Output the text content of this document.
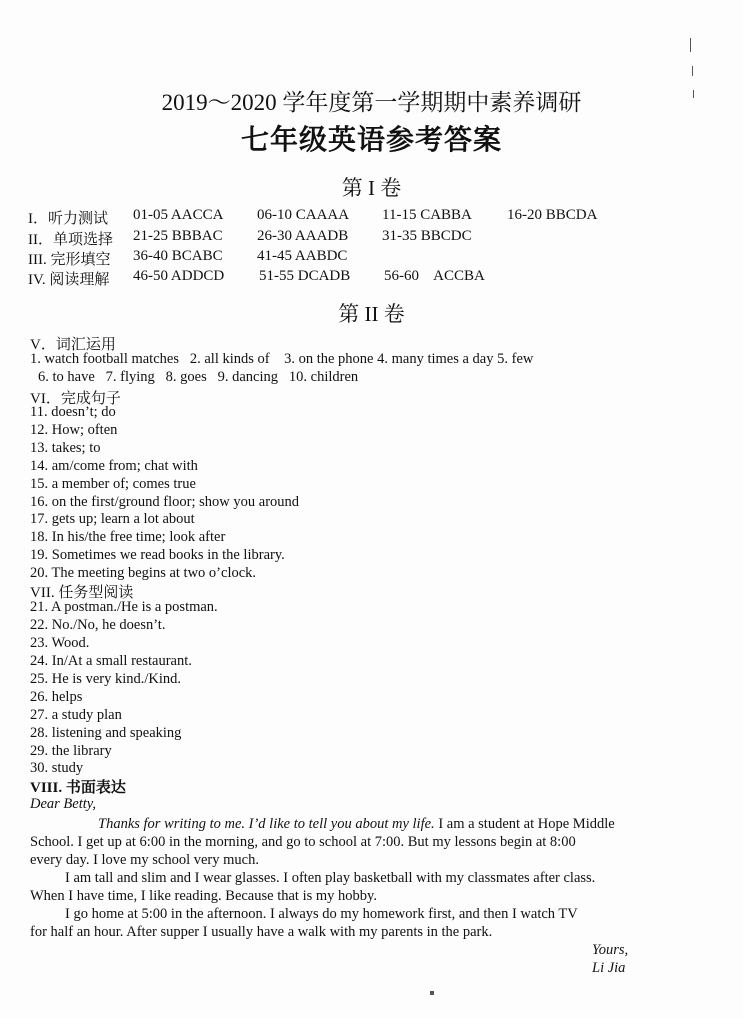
2019～2020 学年度第一学期期中素养调研
七年级英语参考答案
第 I 卷
I．听力测试 01-05 AACCA 06-10 CAAAA 11-15 CABBA 16-20 BBCDA
II．单项选择 21-25 BBBAC 26-30 AAADB 31-35 BBCDC
III. 完形填空 36-40 BCABC 41-45 AABDC
IV. 阅读理解 46-50 ADDCD 51-55 DCADB 56-60    ACCBA
第 II 卷
V．词汇运用
1. watch football matches   2. all kinds of    3. on the phone 4. many times a day 5. few
6. to have   7. flying   8. goes   9. dancing   10. children
VI．完成句子
11. doesn’t; do
12. How; often
13. takes; to
14. am/come from; chat with
15. a member of; comes true
16. on the first/ground floor; show you around
17. gets up; learn a lot about
18. In his/the free time; look after
19. Sometimes we read books in the library.
20. The meeting begins at two o’clock.
VII. 任务型阅读
21. A postman./He is a postman.
22. No./No, he doesn’t.
23. Wood.
24. In/At a small restaurant.
25. He is very kind./Kind.
26. helps
27. a study plan
28. listening and speaking
29. the library
30. study
VIII. 书面表达
Dear Betty,
Thanks for writing to me. I’d like to tell you about my life. I am a student at Hope Middle
School. I get up at 6:00 in the morning, and go to school at 7:00. But my lessons begin at 8:00
every day. I love my school very much.
I am tall and slim and I wear glasses. I often play basketball with my classmates after class.
When I have time, I like reading. Because that is my hobby.
I go home at 5:00 in the afternoon. I always do my homework first, and then I watch TV
for half an hour. After supper I usually have a walk with my parents in the park.
Yours,
Li Jia
